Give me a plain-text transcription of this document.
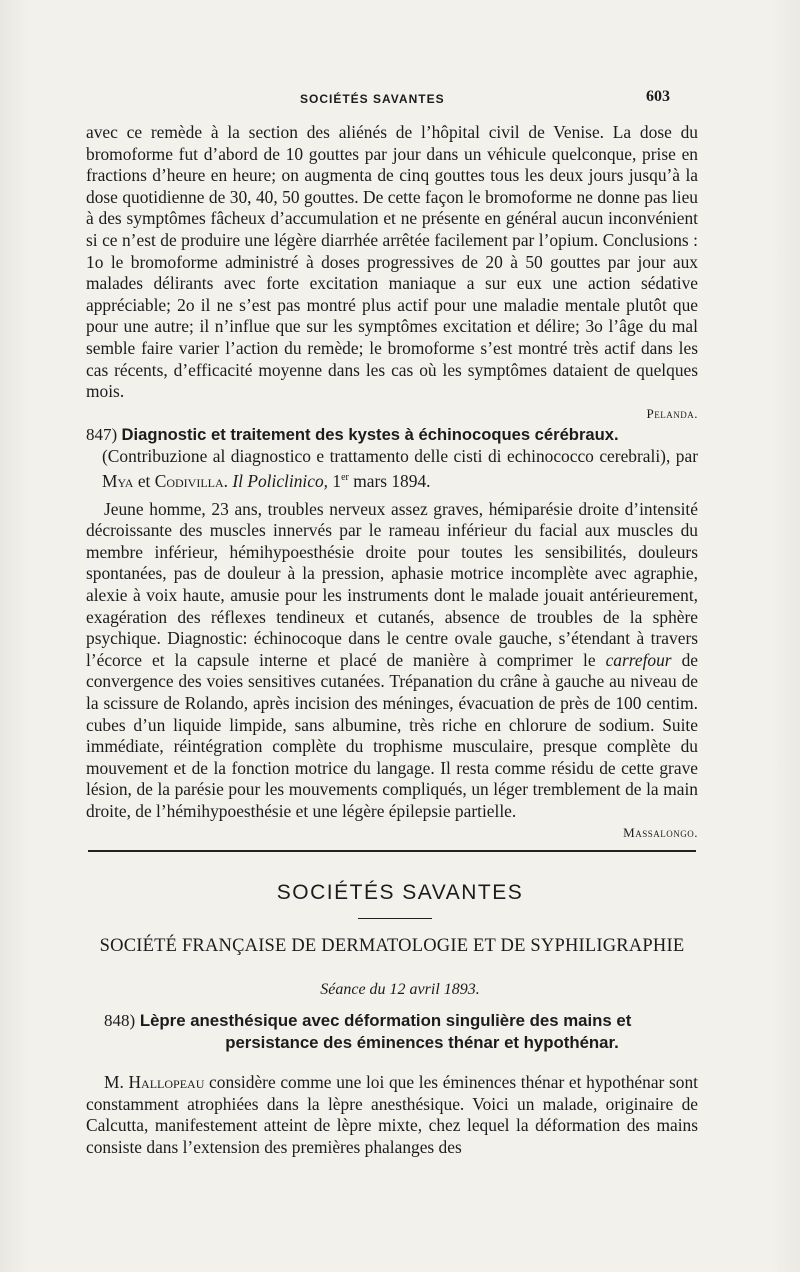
SOCIÉTÉS SAVANTES	603
avec ce remède à la section des aliénés de l’hôpital civil de Venise. La dose du bromoforme fut d’abord de 10 gouttes par jour dans un véhicule quelconque, prise en fractions d’heure en heure; on augmenta de cinq gouttes tous les deux jours jusqu’à la dose quotidienne de 30, 40, 50 gouttes. De cette façon le bromoforme ne donne pas lieu à des symptômes fâcheux d’accumulation et ne présente en général aucun inconvénient si ce n’est de produire une légère diarrhée arrêtée facilement par l’opium. Conclusions : 1o le bromoforme administré à doses progressives de 20 à 50 gouttes par jour aux malades délirants avec forte excitation maniaque a sur eux une action sédative appréciable; 2o il ne s’est pas montré plus actif pour une maladie mentale plutôt que pour une autre; il n’influe que sur les symptômes excitation et délire; 3o l’âge du mal semble faire varier l’action du remède; le bromoforme s’est montré très actif dans les cas récents, d’efficacité moyenne dans les cas où les symptômes dataient de quelques mois.
Pelanda.
847) Diagnostic et traitement des kystes à échinocoques cérébraux.
(Contribuzione al diagnostico e trattamento delle cisti di echinococco cerebrali), par Mya et Codivilla. Il Policlinico, 1er mars 1894.
Jeune homme, 23 ans, troubles nerveux assez graves, hémiparésie droite d’intensité décroissante des muscles innervés par le rameau inférieur du facial aux muscles du membre inférieur, hémihypoesthésie droite pour toutes les sensibilités, douleurs spontanées, pas de douleur à la pression, aphasie motrice incomplète avec agraphie, alexie à voix haute, amusie pour les instruments dont le malade jouait antérieurement, exagération des réflexes tendineux et cutanés, absence de troubles de la sphère psychique. Diagnostic: échinocoque dans le centre ovale gauche, s’étendant à travers l’écorce et la capsule interne et placé de manière à comprimer le carrefour de convergence des voies sensitives cutanées. Trépanation du crâne à gauche au niveau de la scissure de Rolando, après incision des méninges, évacuation de près de 100 centim. cubes d’un liquide limpide, sans albumine, très riche en chlorure de sodium. Suite immédiate, réintégration complète du trophisme musculaire, presque complète du mouvement et de la fonction motrice du langage. Il resta comme résidu de cette grave lésion, de la parésie pour les mouvements compliqués, un léger tremblement de la main droite, de l’hémihypoesthésie et une légère épilepsie partielle.
Massalongo.
SOCIÉTÉS SAVANTES
SOCIÉTÉ FRANÇAISE DE DERMATOLOGIE ET DE SYPHILIGRAPHIE
Séance du 12 avril 1893.
848) Lèpre anesthésique avec déformation singulière des mains et
persistance des éminences thénar et hypothénar.
M. Hallopeau considère comme une loi que les éminences thénar et hypothénar sont constamment atrophiées dans la lèpre anesthésique. Voici un malade, originaire de Calcutta, manifestement atteint de lèpre mixte, chez lequel la déformation des mains consiste dans l’extension des premières phalanges des
